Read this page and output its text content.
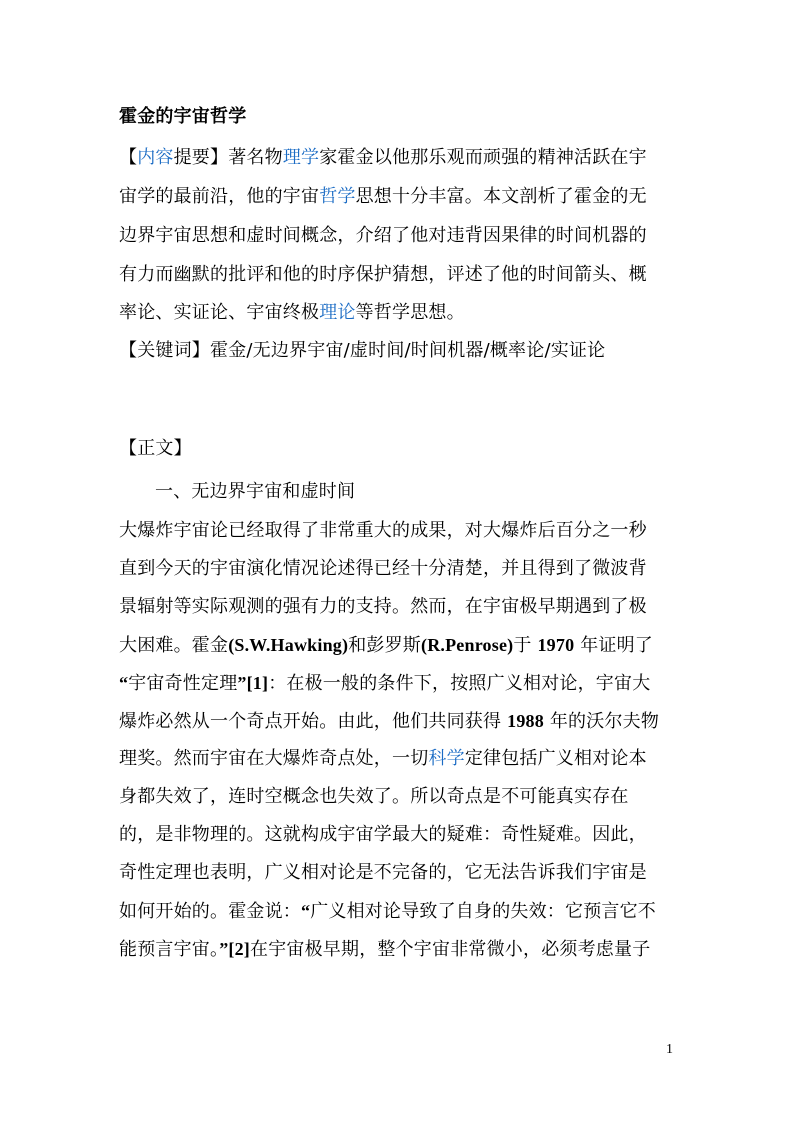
霍金的宇宙哲学
【内容提要】著名物理学家霍金以他那乐观而顽强的精神活跃在宇
宙学的最前沿，他的宇宙哲学思想十分丰富。本文剖析了霍金的无
边界宇宙思想和虚时间概念，介绍了他对违背因果律的时间机器的
有力而幽默的批评和他的时序保护猜想，评述了他的时间箭头、概
率论、实证论、宇宙终极理论等哲学思想。
【关键词】霍金/无边界宇宙/虚时间/时间机器/概率论/实证论
【正文】
一、无边界宇宙和虚时间
大爆炸宇宙论已经取得了非常重大的成果，对大爆炸后百分之一秒
直到今天的宇宙演化情况论述得已经十分清楚，并且得到了微波背
景辐射等实际观测的强有力的支持。然而，在宇宙极早期遇到了极
大困难。霍金(S.W.Hawking)和彭罗斯(R.Penrose)于 1970 年证明了
“宇宙奇性定理”[1]：在极一般的条件下，按照广义相对论，宇宙大
爆炸必然从一个奇点开始。由此，他们共同获得 1988 年的沃尔夫物
理奖。然而宇宙在大爆炸奇点处，一切科学定律包括广义相对论本
身都失效了，连时空概念也失效了。所以奇点是不可能真实存在
的，是非物理的。这就构成宇宙学最大的疑难：奇性疑难。因此，
奇性定理也表明，广义相对论是不完备的，它无法告诉我们宇宙是
如何开始的。霍金说：“广义相对论导致了自身的失效：它预言它不
能预言宇宙。”[2]在宇宙极早期，整个宇宙非常微小，必须考虑量子
1
